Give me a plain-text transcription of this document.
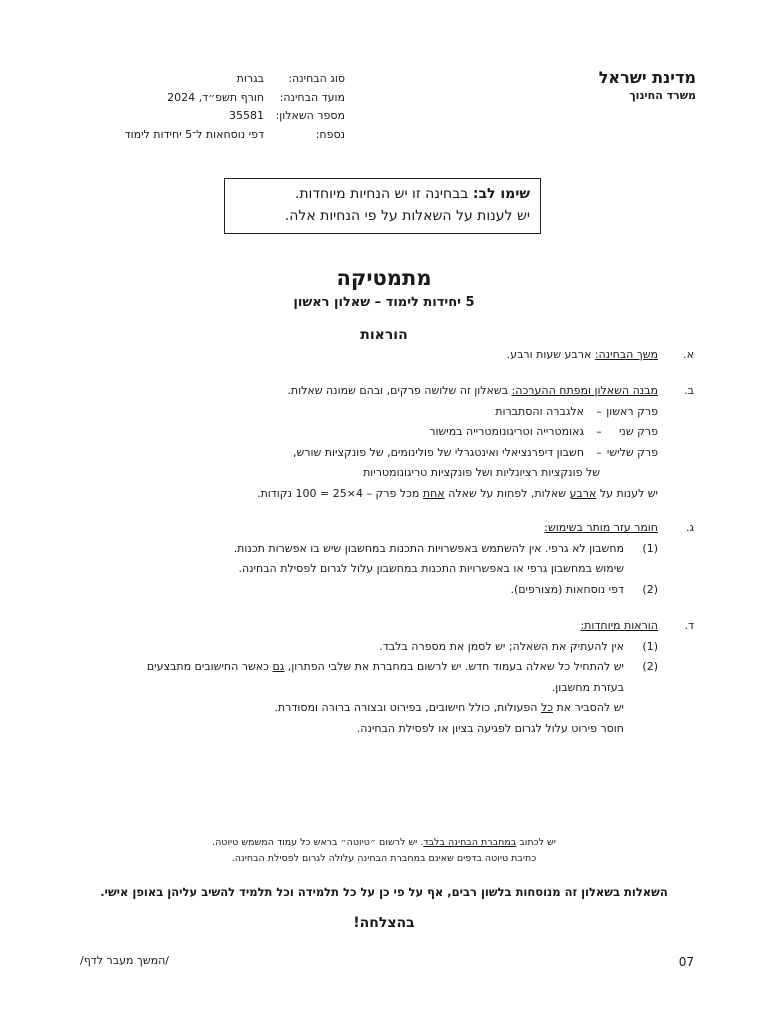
מדינת ישראל
משרד החינוך
סוג הבחינה:בגרות
מועד הבחינה:חורף תשפ״ד, 2024
מספר השאלון:35581
נספח:דפי נוסחאות ל־5 יחידות לימוד
שימו לב: בבחינה זו יש הנחיות מיוחדות.
יש לענות על השאלות על פי הנחיות אלה.
מתמטיקה
5 יחידות לימוד – שאלון ראשון
הוראות
א.
משך הבחינה: ארבע שעות ורבע.
ב.
מבנה השאלון ומפתח ההערכה: בשאלון זה שלושה פרקים, ובהם שמונה שאלות.
פרק ראשון–אלגברה והסתברות
פרק שני–גאומטרייה וטריגונומטרייה במישור
פרק שלישי–חשבון דיפרנציאלי ואינטגרלי של פולינומים, של פונקציות שורש,
של פונקציות רציונליות ושל פונקציות טריגונומטריות
יש לענות על ארבע שאלות, לפחות על שאלה אחת מכל פרק – 4×25 = 100 נקודות.
ג.
חומר עזר מותר בשימוש:
(1)מחשבון לא גרפי. אין להשתמש באפשרויות התכנות במחשבון שיש בו אפשרות תכנות.
שימוש במחשבון גרפי או באפשרויות התכנות במחשבון עלול לגרום לפסילת הבחינה.
(2)דפי נוסחאות (מצורפים).
ד.
הוראות מיוחדות:
(1)אין להעתיק את השאלה; יש לסמן את מספרה בלבד.
(2)יש להתחיל כל שאלה בעמוד חדש. יש לרשום במחברת את שלבי הפתרון, גם כאשר החישובים מתבצעים
בעזרת מחשבון.
יש להסביר את כל הפעולות, כולל חישובים, בפירוט ובצורה ברורה ומסודרת.
חוסר פירוט עלול לגרום לפגיעה בציון או לפסילת הבחינה.
יש לכתוב במחברת הבחינה בלבד. יש לרשום ״טיוטה״ בראש כל עמוד המשמש טיוטה.
כתיבת טיוטה בדפים שאינם במחברת הבחינה עלולה לגרום לפסילת הבחינה.
השאלות בשאלון זה מנוסחות בלשון רבים, אף על פי כן על כל תלמידה וכל תלמיד להשיב עליהן באופן אישי.
בהצלחה!
07
/המשך מעבר לדף/
